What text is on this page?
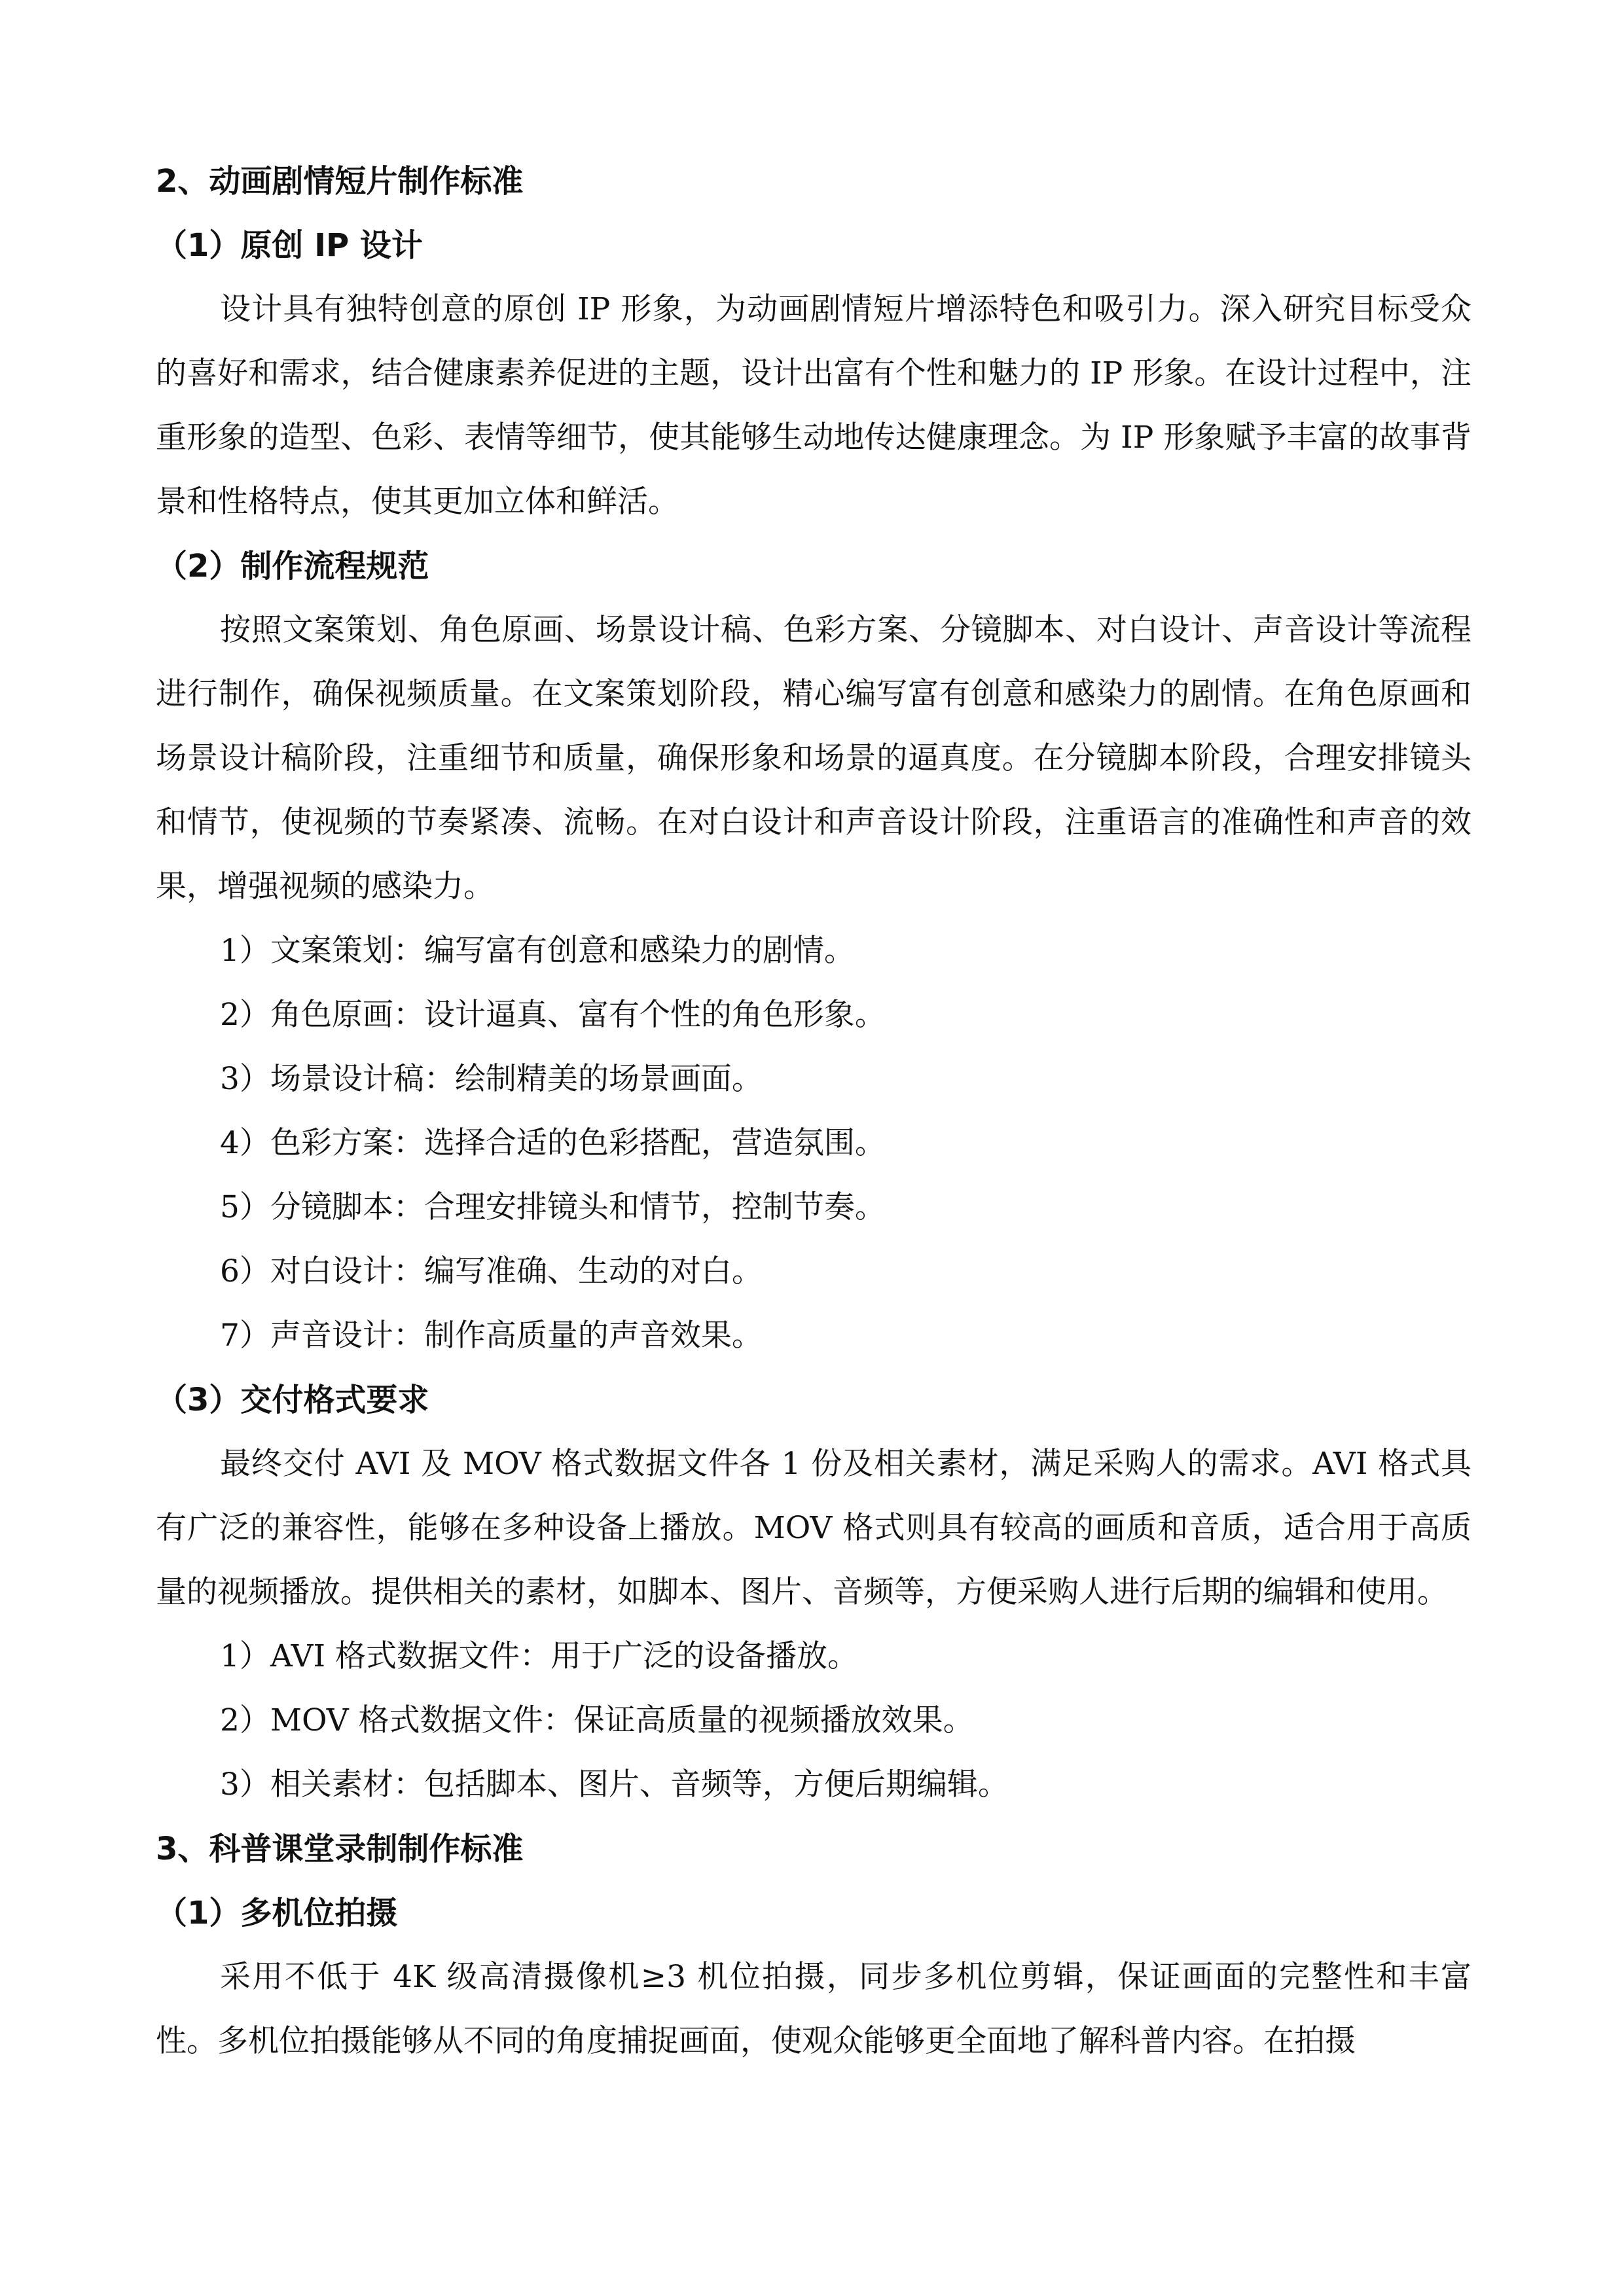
2、动画剧情短片制作标准
（1）原创 IP 设计

设计具有独特创意的原创 IP 形象，为动画剧情短片增添特色和吸引力。深入研究目标受众的喜好和需求，结合健康素养促进的主题，设计出富有个性和魅力的 IP 形象。在设计过程中，注重形象的造型、色彩、表情等细节，使其能够生动地传达健康理念。为 IP 形象赋予丰富的故事背景和性格特点，使其更加立体和鲜活。

（2）制作流程规范

按照文案策划、角色原画、场景设计稿、色彩方案、分镜脚本、对白设计、声音设计等流程进行制作，确保视频质量。在文案策划阶段，精心编写富有创意和感染力的剧情。在角色原画和场景设计稿阶段，注重细节和质量，确保形象和场景的逼真度。在分镜脚本阶段，合理安排镜头和情节，使视频的节奏紧凑、流畅。在对白设计和声音设计阶段，注重语言的准确性和声音的效果，增强视频的感染力。

1）文案策划：编写富有创意和感染力的剧情。
2）角色原画：设计逼真、富有个性的角色形象。
3）场景设计稿：绘制精美的场景画面。
4）色彩方案：选择合适的色彩搭配，营造氛围。
5）分镜脚本：合理安排镜头和情节，控制节奏。
6）对白设计：编写准确、生动的对白。
7）声音设计：制作高质量的声音效果。
（3）交付格式要求

最终交付 AVI 及 MOV 格式数据文件各 1 份及相关素材，满足采购人的需求。AVI 格式具有广泛的兼容性，能够在多种设备上播放。MOV 格式则具有较高的画质和音质，适合用于高质量的视频播放。提供相关的素材，如脚本、图片、音频等，方便采购人进行后期的编辑和使用。

1）AVI 格式数据文件：用于广泛的设备播放。
2）MOV 格式数据文件：保证高质量的视频播放效果。
3）相关素材：包括脚本、图片、音频等，方便后期编辑。
3、科普课堂录制制作标准
（1）多机位拍摄

采用不低于 4K 级高清摄像机≥3 机位拍摄，同步多机位剪辑，保证画面的完整性和丰富性。多机位拍摄能够从不同的角度捕捉画面，使观众能够更全面地了解科普内容。在拍摄
